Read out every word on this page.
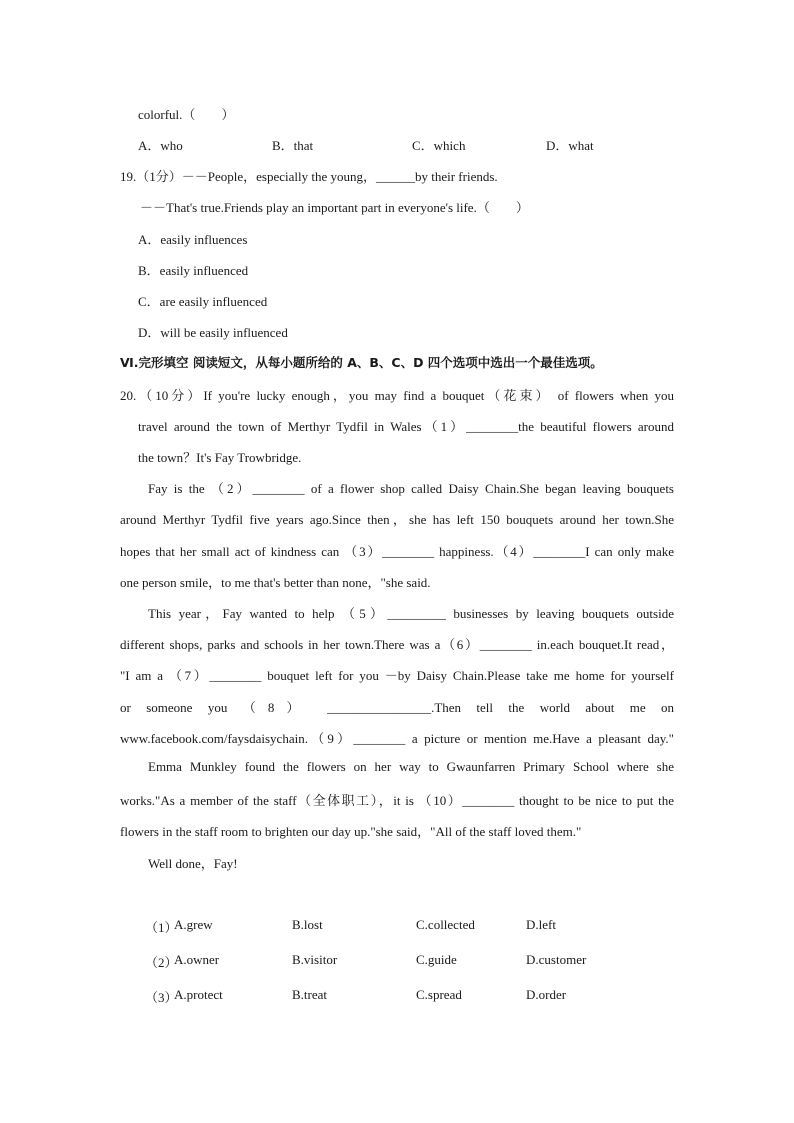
colorful.（　　）
A．who	B．that	C．which	D．what
19.（1分）－－People，especially the young，______by their friends.
－－That's true.Friends play an important part in everyone's life.（　　）
A．easily influences
B．easily influenced
C．are easily influenced
D．will be easily influenced
Ⅵ.完形填空 阅读短文，从每小题所给的 A、B、C、D 四个选项中选出一个最佳选项。
20.（10分）If you're lucky enough，you may find a bouquet（花束） of flowers when you
travel around the town of Merthyr Tydfil in Wales（1）________the beautiful flowers around
the town？It's Fay Trowbridge.
Fay is the （2）________ of a flower shop called Daisy Chain.She began leaving bouquets
around Merthyr Tydfil five years ago.Since then，she has left 150 bouquets around her town.She
hopes that her small act of kindness can （3）________ happiness.（4）________I can only make
one person smile，to me that's better than none，"she said.
This year，Fay wanted to help （5）_________ businesses by leaving bouquets outside
different shops, parks and schools in her town.There was a（6）________ in.each bouquet.It read，
"I am a （7）________ bouquet left for you －by Daisy Chain.Please take me home for yourself
or someone you （8） ________________.Then tell the world about me on
www.facebook.com/faysdaisychain.（9）________ a picture or mention me.Have a pleasant day."
Emma Munkley found the flowers on her way to Gwaunfarren Primary School where she
works."As a member of the staff（全体职工），it is （10）________ thought to be nice to put the
flowers in the staff room to brighten our day up."she said，"All of the staff loved them."
Well done，Fay!
（1）
A.grew	B.lost	C.collected	D.left
（2）
A.owner	B.visitor	C.guide	D.customer
（3）
A.protect	B.treat	C.spread	D.order
